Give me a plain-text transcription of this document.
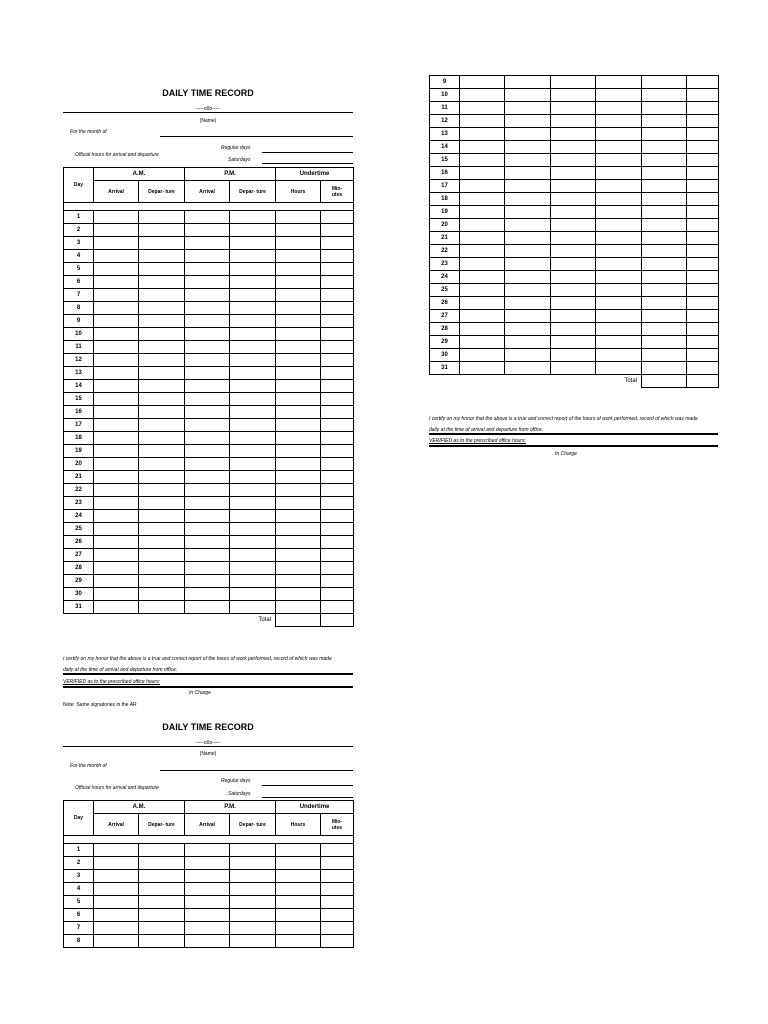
DAILY TIME RECORD
-----o0o-----
(Name)
For the month of
Regular days
Official hours for arrival and departure
Saturdays
Day	A.M.		P.M.		Undertime	
	Arrival	Depar- ture	Arrival	Depar- ture	Hours	Min-
utes

1						
2						
3						
4						
5						
6						
7						
8						
9						
10						
11						
12						
13						
14						
15						
16						
17						
18						
19						
20						
21						
22						
23						
24						
25						
26						
27						
28						
29						
30						
31						
Total						
I certify on my honor that the above is a true and correct report of the hours of work performed, record of which was made
daily at the time of arrival and departure from office.
VERIFIED as to the prescribed office hours:
In Charge
Note: Same signatories in the AR
9						
10						
11						
12						
13						
14						
15						
16						
17						
18						
19						
20						
21						
22						
23						
24						
25						
26						
27						
28						
29						
30						
31						
Total						
I certify on my honor that the above is a true and correct report of the hours of work performed, record of which was made
daily at the time of arrival and departure from office.
VERIFIED as to the prescribed office hours:
In Charge
DAILY TIME RECORD
-----o0o-----
(Name)
For the month of
Regular days
Official hours for arrival and departure
Saturdays
Day	A.M.		P.M.		Undertime	
	Arrival	Depar- ture	Arrival	Depar- ture	Hours	Min-
utes

1						
2						
3						
4						
5						
6						
7						
8						
